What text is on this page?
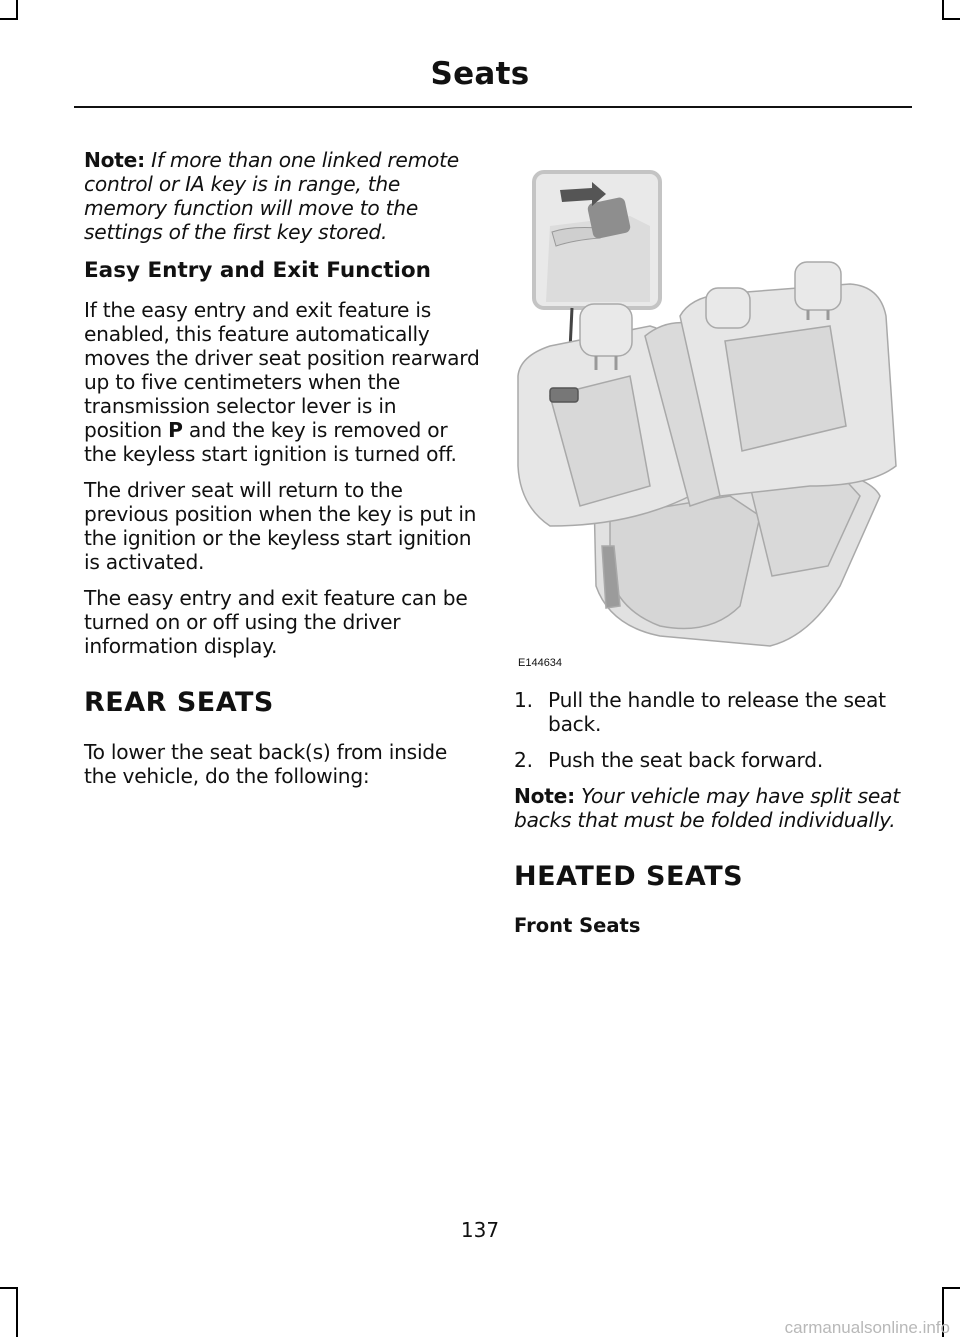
Seats

Note: If more than one linked remote control or IA key is in range, the memory function will move to the settings of the first key stored.

Easy Entry and Exit Function

If the easy entry and exit feature is enabled, this feature automatically moves the driver seat position rearward up to five centimeters when the transmission selector lever is in position P and the key is removed or the keyless start ignition is turned off.

The driver seat will return to the previous position when the key is put in the ignition or the keyless start ignition is activated.

The easy entry and exit feature can be turned on or off using the driver information display.

REAR SEATS

To lower the seat back(s) from inside the vehicle, do the following:

E144634
1. Pull the handle to release the seat back.
2. Push the seat back forward.

Note: Your vehicle may have split seat backs that must be folded individually.

HEATED SEATS
Front Seats
137
carmanualsonline.info
